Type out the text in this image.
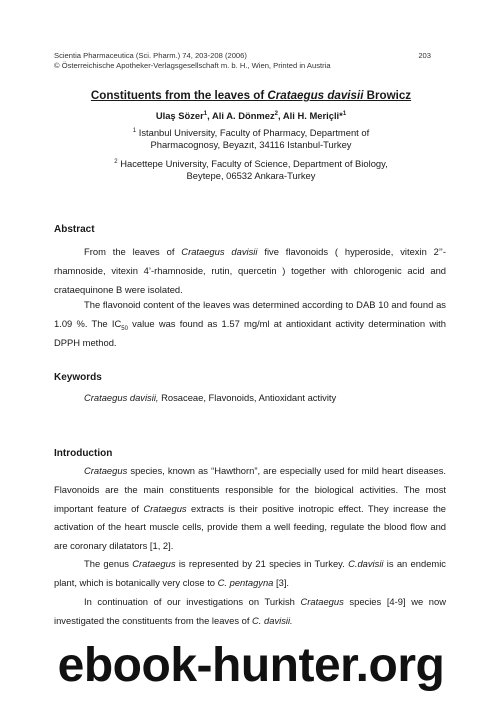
Scientia Pharmaceutica (Sci. Pharm.) 74, 203-208 (2006)
© Österreichische Apotheker-Verlagsgesellschaft m. b. H., Wien, Printed in Austria
203
Constituents from the leaves of Crataegus davisii Browicz
Ulaş Sözer$^1$, Ali A. Dönmez$^2$, Ali H. Meriçli*$^1$
$^1$ Istanbul University, Faculty of Pharmacy, Department of
Pharmacognosy, Beyazıt, 34116 Istanbul-Turkey
$^2$ Hacettepe University, Faculty of Science, Department of Biology,
Beytepe, 06532 Ankara-Turkey
Abstract

From the leaves of Crataegus davisii five flavonoids ( hyperoside, vitexin 2’’-rhamnoside, vitexin 4’-rhamnoside, rutin, quercetin ) together with chlorogenic acid and crataequinone B were isolated.

The flavonoid content of the leaves was determined according to DAB 10 and found as 1.09 %. The $IC_{50}$ value was found as 1.57 mg/ml at antioxidant activity determination with DPPH method.

Keywords

Crataegus davisii, Rosaceae, Flavonoids, Antioxidant activity

Introduction

Crataegus species, known as “Hawthorn”, are especially used for mild heart diseases. Flavonoids are the main constituents responsible for the biological activities. The most important feature of Crataegus extracts is their positive inotropic effect. They increase the activation of the heart muscle cells, provide them a well feeding, regulate the blood flow and are coronary dilatators [1, 2].

The genus Crataegus is represented by 21 species in Turkey. C.davisii is an endemic plant, which is botanically very close to C. pentagyna [3].

In continuation of our investigations on Turkish Crataegus species [4-9] we now investigated the constituents from the leaves of C. davisii.

ebook-hunter.org
